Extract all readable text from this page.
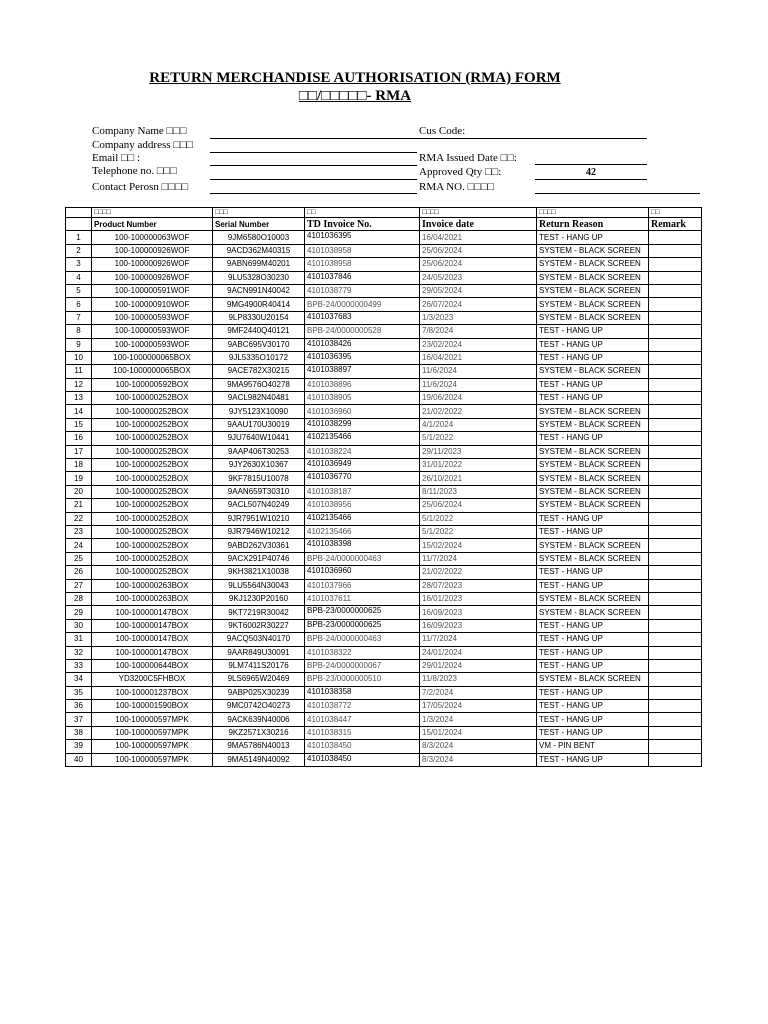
RETURN MERCHANDISE AUTHORISATION (RMA) FORM
□□/□□□□□- RMA
Company Name □□□
Company address □□□
Email □□ :
Telephone no. □□□
Contact Perosn □□□□
Cus Code:
RMA Issued Date □□:
Approved Qty □□:	42
RMA NO. □□□□
	□□□□	□□□	□□	□□□□	□□□□	□□
	Product Number	Serial Number	TD Invoice No.	Invoice date	Return Reason	Remark
1	100-100000063WOF	9JM6580O10003	4101036395	16/04/2021	TEST - HANG UP	
2	100-100000926WOF	9ACD362M40315	4101038958	25/06/2024	SYSTEM - BLACK SCREEN	
3	100-100000926WOF	9ABN699M40201	4101038958	25/06/2024	SYSTEM - BLACK SCREEN	
4	100-100000926WOF	9LU5328O30230	4101037846	24/05/2023	SYSTEM - BLACK SCREEN	
5	100-100000591WOF	9ACN991N40042	4101038779	29/05/2024	SYSTEM - BLACK SCREEN	
6	100-100000910WOF	9MG4900R40414	BPB-24/0000000499	26/07/2024	SYSTEM - BLACK SCREEN	
7	100-100000593WOF	9LP8330U20154	4101037683	1/3/2023	SYSTEM - BLACK SCREEN	
8	100-100000593WOF	9MF2440Q40121	BPB-24/0000000528	7/8/2024	TEST - HANG UP	
9	100-100000593WOF	9ABC695V30170	4101038426	23/02/2024	TEST - HANG UP	
10	100-1000000065BOX	9JL5335O10172	4101036395	16/04/2021	TEST - HANG UP	
11	100-1000000065BOX	9ACE782X30215	4101038897	11/6/2024	SYSTEM - BLACK SCREEN	
12	100-100000592BOX	9MA9576O40278	4101038896	11/6/2024	TEST - HANG UP	
13	100-100000252BOX	9ACL982N40481	4101038905	19/06/2024	TEST - HANG UP	
14	100-100000252BOX	9JY5123X10090	4101036960	21/02/2022	SYSTEM - BLACK SCREEN	
15	100-100000252BOX	9AAU170U30019	4101038299	4/1/2024	SYSTEM - BLACK SCREEN	
16	100-100000252BOX	9JU7640W10441	4102135466	5/1/2022	TEST - HANG UP	
17	100-100000252BOX	9AAP406T30253	4101038224	29/11/2023	SYSTEM - BLACK SCREEN	
18	100-100000252BOX	9JY2630X10367	4101036949	31/01/2022	SYSTEM - BLACK SCREEN	
19	100-100000252BOX	9KF7815U10078	4101036770	26/10/2021	SYSTEM - BLACK SCREEN	
20	100-100000252BOX	9AAN659T30310	4101038187	8/11/2023	SYSTEM - BLACK SCREEN	
21	100-100000252BOX	9ACL507N40249	4101038956	25/06/2024	SYSTEM - BLACK SCREEN	
22	100-100000252BOX	9JR7951W10210	4102135466	5/1/2022	TEST - HANG UP	
23	100-100000252BOX	9JR7946W10212	4102135466	5/1/2022	TEST - HANG UP	
24	100-100000252BOX	9ABD262V30361	4101038398	15/02/2024	SYSTEM - BLACK SCREEN	
25	100-100000252BOX	9ACX291P40746	BPB-24/0000000463	11/7/2024	SYSTEM - BLACK SCREEN	
26	100-100000252BOX	9KH3821X10038	4101036960	21/02/2022	TEST - HANG UP	
27	100-100000263BOX	9LU5564N30043	4101037966	28/07/2023	TEST - HANG UP	
28	100-100000263BOX	9KJ1230P20160	4101037611	16/01/2023	SYSTEM - BLACK SCREEN	
29	100-100000147BOX	9KT7219R30042	BPB-23/0000000625	16/09/2023	SYSTEM - BLACK SCREEN	
30	100-100000147BOX	9KT6002R30227	BPB-23/0000000625	16/09/2023	TEST - HANG UP	
31	100-100000147BOX	9ACQ503N40170	BPB-24/0000000463	11/7/2024	TEST - HANG UP	
32	100-100000147BOX	9AAR849U30091	4101038322	24/01/2024	TEST - HANG UP	
33	100-100000644BOX	9LM7411S20176	BPB-24/0000000067	29/01/2024	TEST - HANG UP	
34	YD3200C5FHBOX	9LS6965W20469	BPB-23/0000000510	11/8/2023	SYSTEM - BLACK SCREEN	
35	100-100001237BOX	9ABP025X30239	4101038358	7/2/2024	TEST - HANG UP	
36	100-100001590BOX	9MC0742O40273	4101038772	17/05/2024	TEST - HANG UP	
37	100-100000597MPK	9ACK639N40006	4101038447	1/3/2024	TEST - HANG UP	
38	100-100000597MPK	9KZ2571X30216	4101038315	15/01/2024	TEST - HANG UP	
39	100-100000597MPK	9MA5786N40013	4101038450	8/3/2024	VM - PIN BENT	
40	100-100000597MPK	9MA5149N40092	4101038450	8/3/2024	TEST - HANG UP	
